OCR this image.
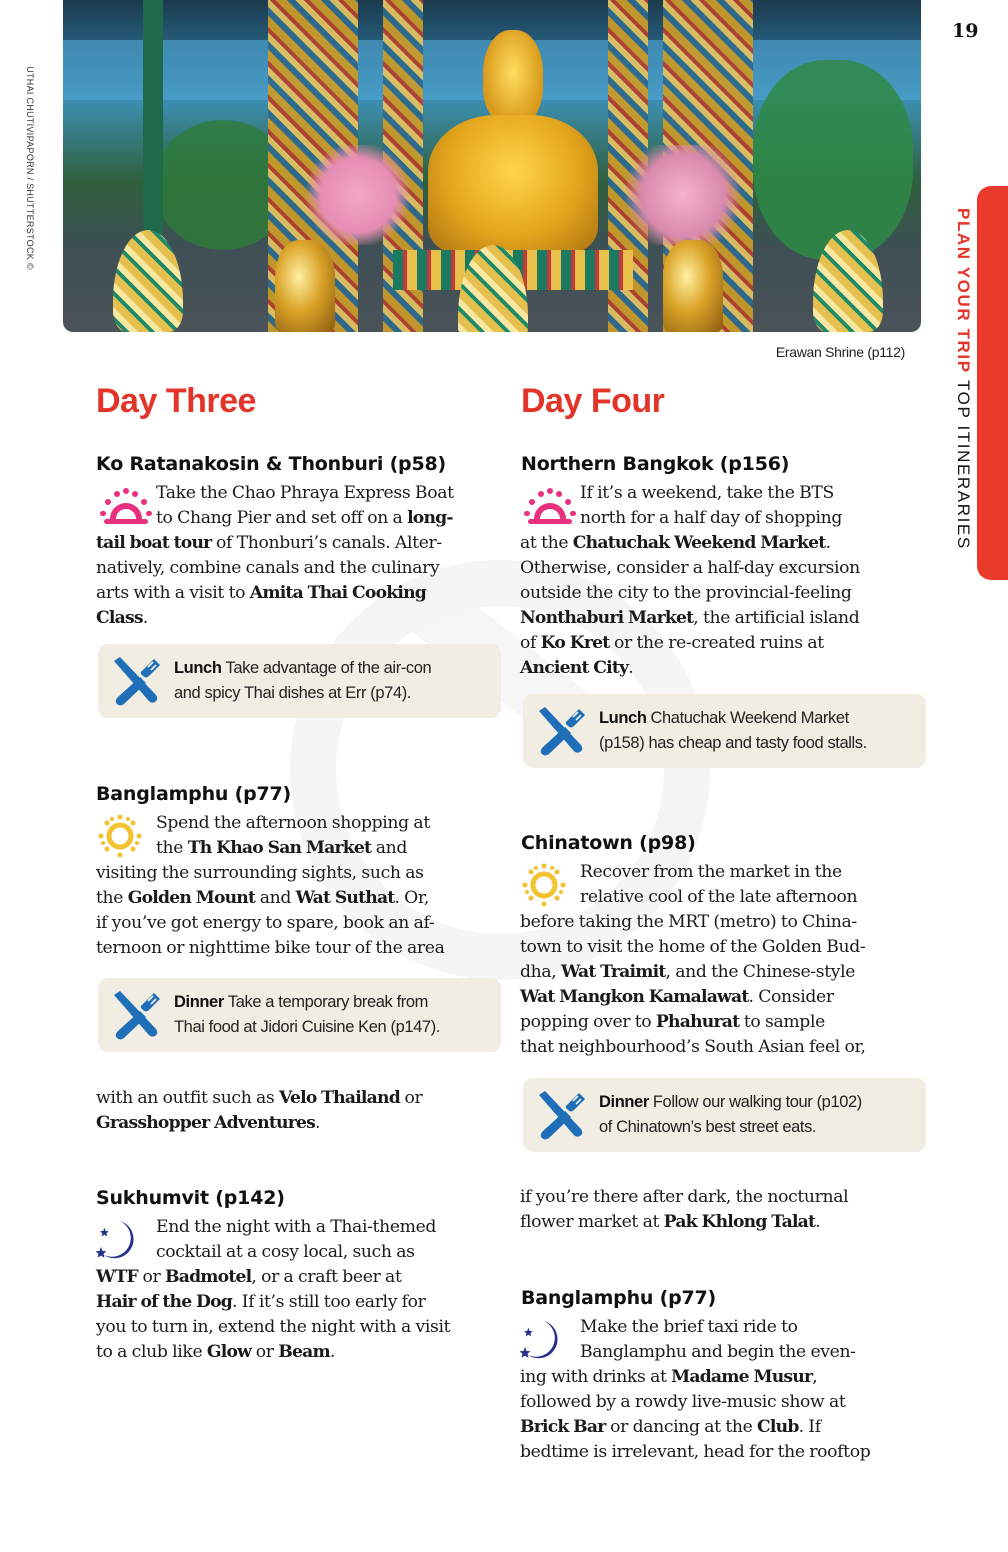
UTHAI CHUTIVIPAPORN / SHUTTERSTOCK ©
Erawan Shrine (p112)
19
PLAN YOUR TRIP TOP ITINERARIES
Day Three
Ko Ratanakosin & Thonburi (p58)
Take the Chao Phraya Express Boat
to Chang Pier and set off on a long-
tail boat tour of Thonburi’s canals. Alter-
natively, combine canals and the culinary
arts with a visit to Amita Thai Cooking
Class.
Lunch Take advantage of the air-con
and spicy Thai dishes at Err (p74).
Banglamphu (p77)
Spend the afternoon shopping at
the Th Khao San Market and
visiting the surrounding sights, such as
the Golden Mount and Wat Suthat. Or,
if you’ve got energy to spare, book an af-
ternoon or nighttime bike tour of the area
Dinner Take a temporary break from
Thai food at Jidori Cuisine Ken (p147).
with an outfit such as Velo Thailand or
Grasshopper Adventures.
Sukhumvit (p142)
End the night with a Thai-themed
cocktail at a cosy local, such as
WTF or Badmotel, or a craft beer at
Hair of the Dog. If it’s still too early for
you to turn in, extend the night with a visit
to a club like Glow or Beam.
Day Four
Northern Bangkok (p156)
If it’s a weekend, take the BTS
north for a half day of shopping
at the Chatuchak Weekend Market.
Otherwise, consider a half-day excursion
outside the city to the provincial-feeling
Nonthaburi Market, the artificial island
of Ko Kret or the re-created ruins at
Ancient City.
Lunch Chatuchak Weekend Market
(p158) has cheap and tasty food stalls.
Chinatown (p98)
Recover from the market in the
relative cool of the late afternoon
before taking the MRT (metro) to China-
town to visit the home of the Golden Bud-
dha, Wat Traimit, and the Chinese-style
Wat Mangkon Kamalawat. Consider
popping over to Phahurat to sample
that neighbourhood’s South Asian feel or,
Dinner Follow our walking tour (p102)
of Chinatown’s best street eats.
if you’re there after dark, the nocturnal
flower market at Pak Khlong Talat.
Banglamphu (p77)
Make the brief taxi ride to
Banglamphu and begin the even-
ing with drinks at Madame Musur,
followed by a rowdy live-music show at
Brick Bar or dancing at the Club. If
bedtime is irrelevant, head for the rooftop
